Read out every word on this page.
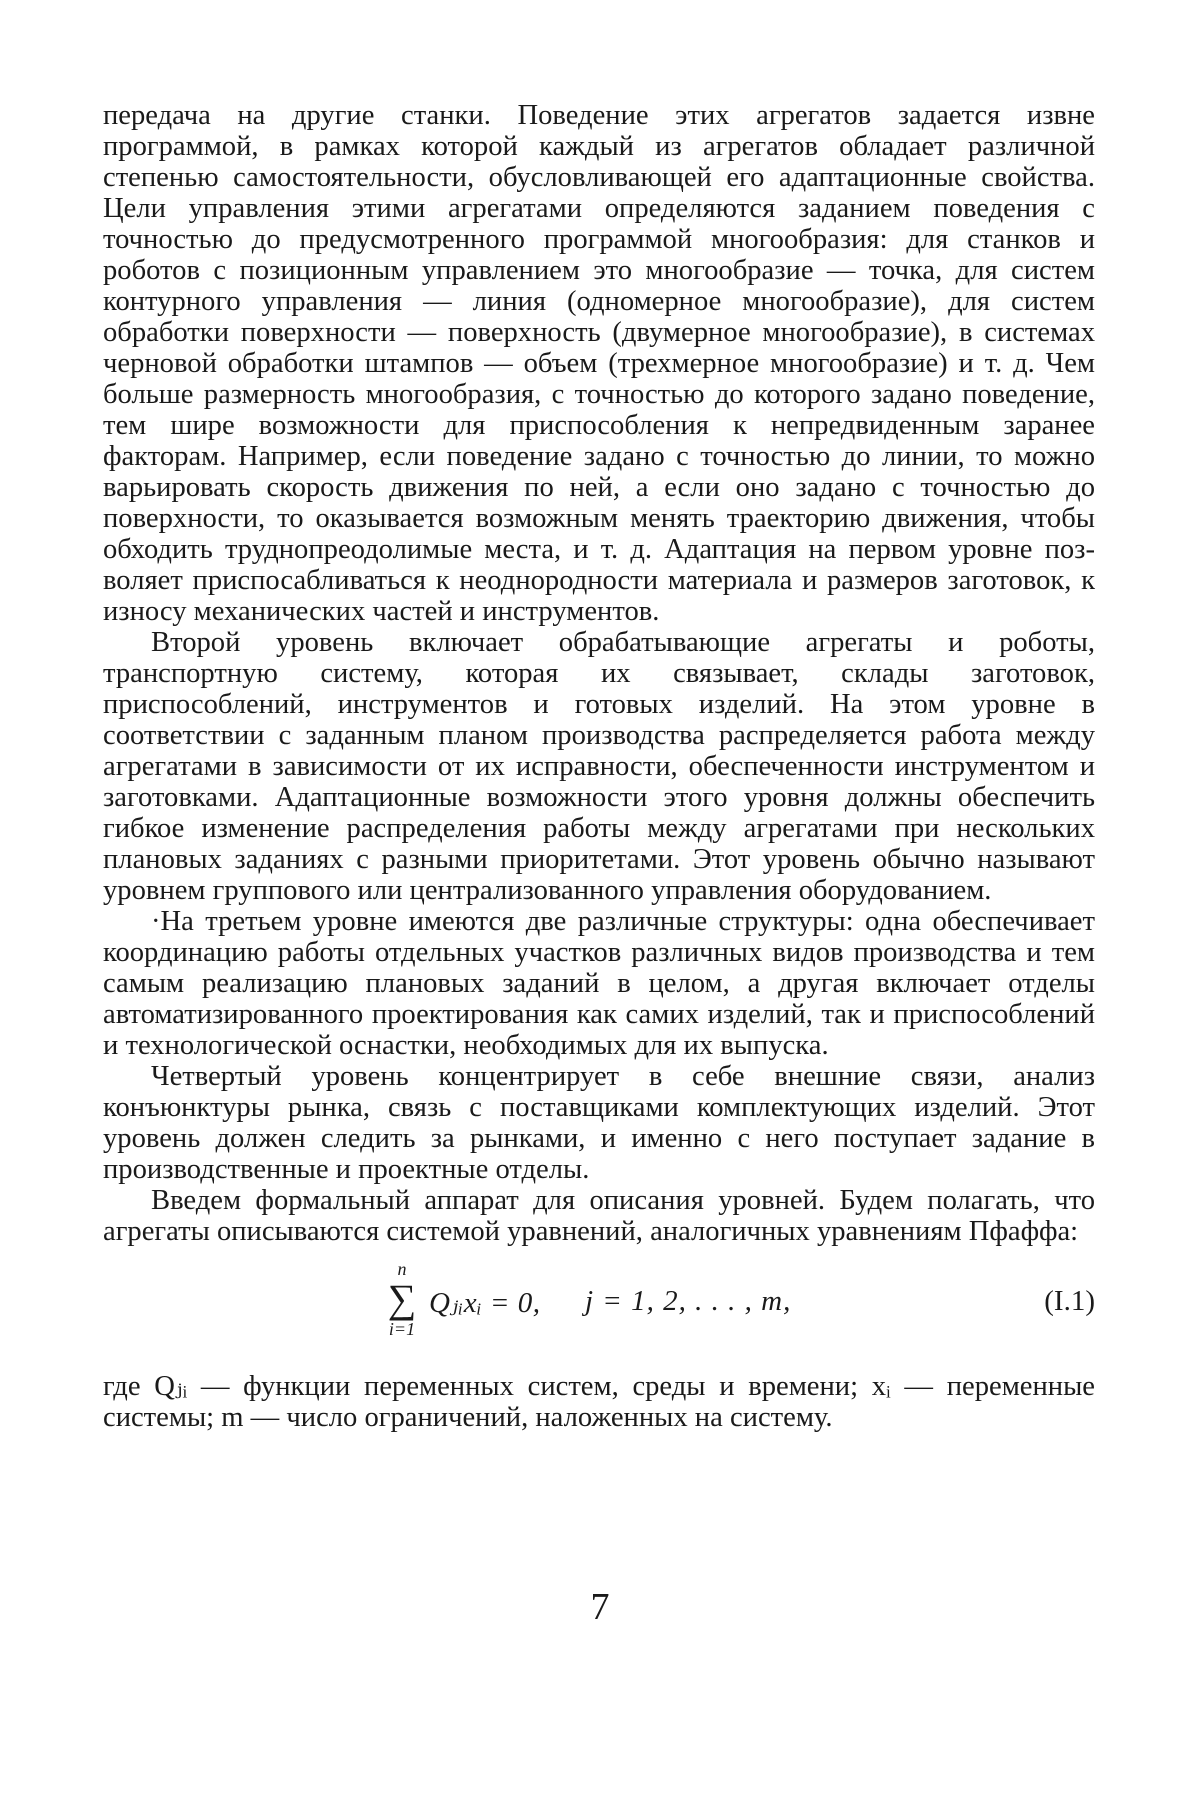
передача на другие станки. Поведение этих агрегатов задается извне программой, в рамках которой каждый из агрегатов обладает различной степенью самостоятельности, обусловливающей его адаптационные свойства. Цели управления этими агрегатами определяются заданием поведения с точностью до предусмотренного программой многообразия: для станков и роботов с позиционным управлением это многообразие — точка, для систем контурного управления — линия (одномерное многообразие), для систем обработки поверхности — поверхность (двумерное многообразие), в системах черновой обработки штампов — объем (трехмерное многообразие) и т. д. Чем больше размерность многообразия, с точностью до которого задано поведение, тем шире возможности для приспособления к непредвиденным заранее факторам. Например, если поведение задано с точностью до линии, то можно варьировать скорость движения по ней, а если оно задано с точностью до поверхности, то оказывается возможным менять траекторию движения, чтобы обходить труднопреодолимые места, и т. д. Адаптация на первом уровне позволяет приспосабливаться к неоднородности материала и размеров заготовок, к износу механических частей и инструментов.

Второй уровень включает обрабатывающие агрегаты и роботы, транспортную систему, которая их связывает, склады заготовок, приспособлений, инструментов и готовых изделий. На этом уровне в соответствии с заданным планом производства распределяется работа между агрегатами в зависимости от их исправности, обеспеченности инструментом и заготовками. Адаптационные возможности этого уровня должны обеспечить гибкое изменение распределения работы между агрегатами при нескольких плановых заданиях с разными приоритетами. Этот уровень обычно называют уровнем группового или централизованного управления оборудованием.

·На третьем уровне имеются две различные структуры: одна обеспечивает координацию работы отдельных участков различных видов производства и тем самым реализацию плановых заданий в целом, а другая включает отделы автоматизированного проектирования как самих изделий, так и приспособлений и технологической оснастки, необходимых для их выпуска.

Четвертый уровень концентрирует в себе внешние связи, анализ конъюнктуры рынка, связь с поставщиками комплектующих изделий. Этот уровень должен следить за рынками, и именно с него поступает задание в производственные и проектные отделы.

Введем формальный аппарат для описания уровней. Будем полагать, что агрегаты описываются системой уравнений, аналогичных уравнениям Пфаффа:

n
∑
i=1
Qⱼᵢxᵢ = 0, j = 1, 2, . . . , m,	(I.1)

где Qⱼᵢ — функции переменных систем, среды и времени; xᵢ — переменные системы; m — число ограничений, наложенных на систему.

7
